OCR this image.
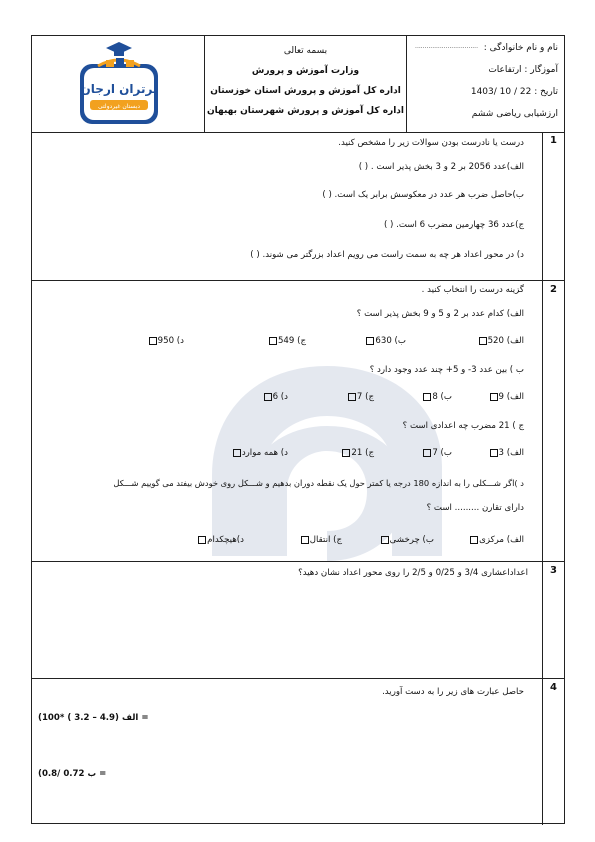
نام و نام خانوادگی :
.................................
آموزگار : ارتفاعات
تاریخ : 22 / 10 /1403
ارزشیابی ریاضی ششم
بسمه تعالی
وزارت آموزش و پرورش
اداره کل آموزش و پرورش استان خوزستان
اداره کل آموزش و پرورش شهرستان بهبهان
برتران ارجان
دبستان غیردولتی
1
درست یا نادرست بودن سوالات زیر را مشخص کنید.
الف)عدد 2056 بر 2 و 3 بخش پذیر است . ( )
ب)حاصل ضرب هر عدد در معکوسش برابر یک است. ( )
ج)عدد 36 چهارمین مضرب 6 است. ( )
د) در محور اعداد هر چه به سمت راست می رویم اعداد بزرگتر می شوند. ( )
2
گزینه درست را انتخاب کنید .
الف) کدام عدد بر 2 و 5 و 9 بخش پذیر است ؟
الف) 520
ب) 630
ج) 549
د) 950
ب ) بین عدد 3- و 5+ چند عدد وجود دارد ؟
الف) 9
ب) 8
ج) 7
د) 6
ج ) 21 مضرب چه اعدادی است ؟
الف) 3
ب) 7
ج) 21
د) همه موارد
د )اگر شـــکلی را به اندازه 180 درجه یا کمتر حول یک نقطه دوران بدهیم و شـــکل روی خودش بیفتد می گوییم شـــکل
دارای تقارن ......... است ؟
الف) مرکزی
ب) چرخشی
ج) انتقال
د)هیچکدام
3
اعداداعشاری 3/4 و 0/25 و 2/5 را روی محور اعداد نشان دهید؟
4
حاصل عبارت های زیر را به دست آورید.
(الف (4.9 – 3.2 ) *100 =
(ب 0.72 /0.8 =
